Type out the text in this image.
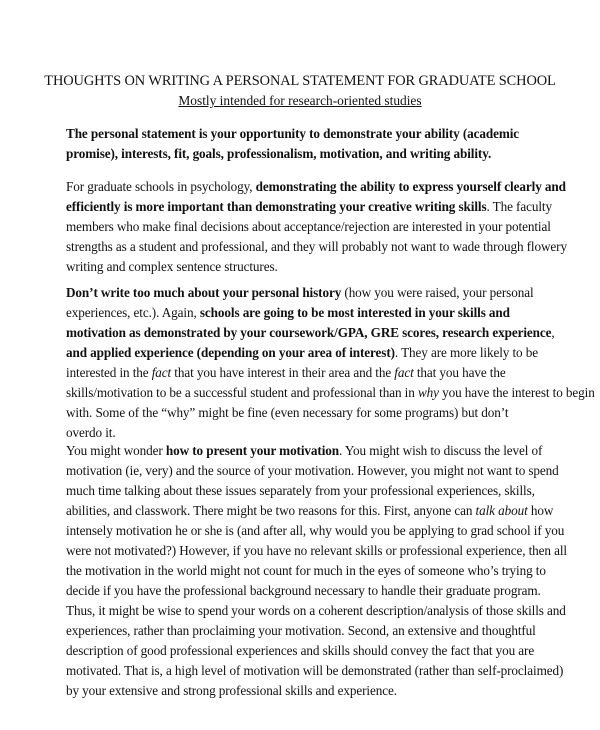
THOUGHTS ON WRITING A PERSONAL STATEMENT FOR GRADUATE SCHOOL
Mostly intended for research-oriented studies
The personal statement is your opportunity to demonstrate your ability (academic
promise), interests, fit, goals, professionalism, motivation, and writing ability.
For graduate schools in psychology, demonstrating the ability to express yourself clearly and
efficiently is more important than demonstrating your creative writing skills. The faculty
members who make final decisions about acceptance/rejection are interested in your potential
strengths as a student and professional, and they will probably not want to wade through flowery
writing and complex sentence structures.
Don’t write too much about your personal history (how you were raised, your personal
experiences, etc.). Again, schools are going to be most interested in your skills and
motivation as demonstrated by your coursework/GPA, GRE scores, research experience,
and applied experience (depending on your area of interest). They are more likely to be
interested in the fact that you have interest in their area and the fact that you have the
skills/motivation to be a successful student and professional than in why you have the interest to begin
with. Some of the “why” might be fine (even necessary for some programs) but don’t
overdo it.
You might wonder how to present your motivation. You might wish to discuss the level of
motivation (ie, very) and the source of your motivation. However, you might not want to spend
much time talking about these issues separately from your professional experiences, skills,
abilities, and classwork. There might be two reasons for this. First, anyone can talk about how
intensely motivation he or she is (and after all, why would you be applying to grad school if you
were not motivated?) However, if you have no relevant skills or professional experience, then all
the motivation in the world might not count for much in the eyes of someone who’s trying to
decide if you have the professional background necessary to handle their graduate program.
Thus, it might be wise to spend your words on a coherent description/analysis of those skills and
experiences, rather than proclaiming your motivation. Second, an extensive and thoughtful
description of good professional experiences and skills should convey the fact that you are
motivated. That is, a high level of motivation will be demonstrated (rather than self-proclaimed)
by your extensive and strong professional skills and experience.
